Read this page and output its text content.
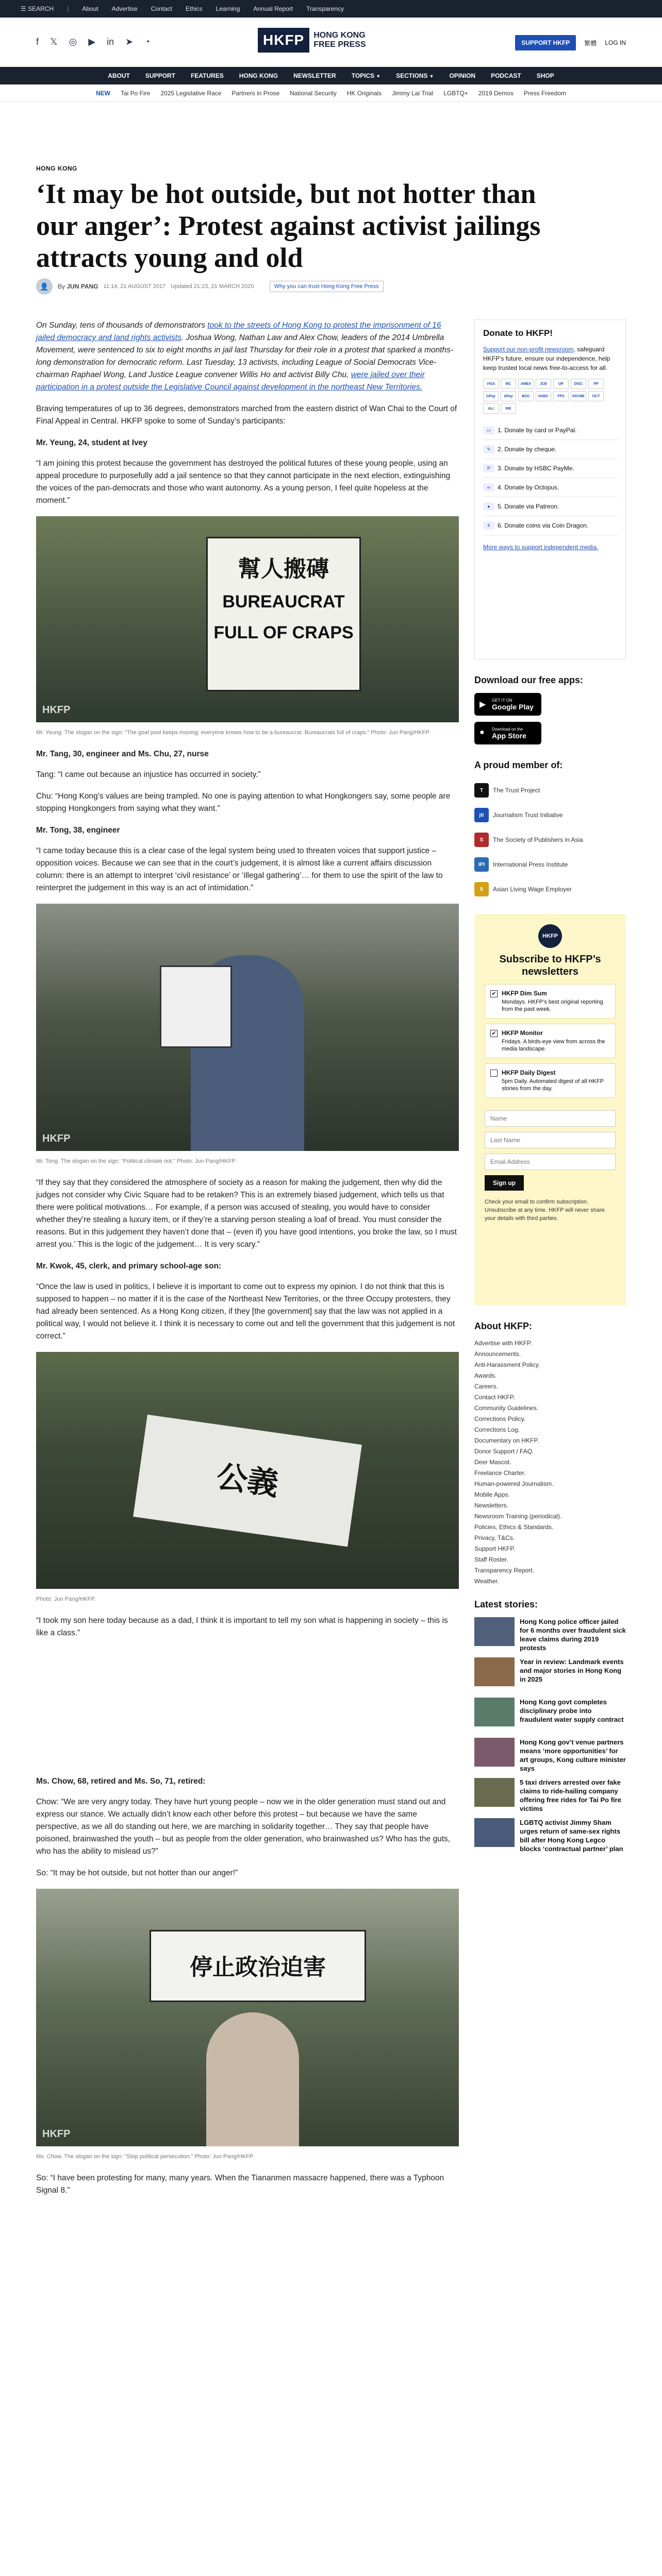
☰ SEARCH | About Advertise Contact Ethics Learning Annual Report Transparency
f 𝕏 ◎ ▶ in ➤ ◔	HKFP	HONG KONG
FREE PRESS	SUPPORT HKFP	繁體 LOG IN
ABOUT	SUPPORT	FEATURES	HONG KONG	NEWSLETTER	TOPICS ▼	SECTIONS ▼	OPINION	PODCAST	SHOP
NEW Tai Po Fire 2025 Legislative Race Partners in Prose National Security HK Originals Jimmy Lai Trial LGBTQ+ 2019 Demos Press Freedom
HONG KONG
‘It may be hot outside, but not hotter than our anger’: Protest against activist jailings attracts young and old
👤	By JUN PANG 11:14, 21 AUGUST 2017 Updated 21:23, 21 MARCH 2020	Why you can trust Hong Kong Free Press

On Sunday, tens of thousands of demonstrators took to the streets of Hong Kong to protest the imprisonment of 16 jailed democracy and land rights activists. Joshua Wong, Nathan Law and Alex Chow, leaders of the 2014 Umbrella Movement, were sentenced to six to eight months in jail last Thursday for their role in a protest that sparked a months-long demonstration for democratic reform. Last Tuesday, 13 activists, including League of Social Democrats Vice-chairman Raphael Wong, Land Justice League convener Willis Ho and activist Billy Chu, were jailed over their participation in a protest outside the Legislative Council against development in the northeast New Territories.

Braving temperatures of up to 36 degrees, demonstrators marched from the eastern district of Wan Chai to the Court of Final Appeal in Central. HKFP spoke to some of Sunday’s participants:

Mr. Yeung, 24, student at Ivey

“I am joining this protest because the government has destroyed the political futures of these young people, using an appeal procedure to purposefully add a jail sentence so that they cannot participate in the next election, extinguishing the voices of the pan-democrats and those who want autonomy. As a young person, I feel quite hopeless at the moment.”

幫人搬磚
BUREAUCRAT FULL OF CRAPS
HKFP

Mr. Yeung. The slogan on the sign: “The goal post keeps moving; everyone knows how to be a bureaucrat. Bureaucrats full of craps.” Photo: Jun Pang/HKFP.

Mr. Tang, 30, engineer and Ms. Chu, 27, nurse

Tang: “I came out because an injustice has occurred in society.”

Chu: “Hong Kong’s values are being trampled. No one is paying attention to what Hongkongers say, some people are stopping Hongkongers from saying what they want.”

Mr. Tong, 38, engineer

“I came today because this is a clear case of the legal system being used to threaten voices that support justice – opposition voices. Because we can see that in the court’s judgement, it is almost like a current affairs discussion column: there is an attempt to interpret ‘civil resistance’ or ‘illegal gathering’… for them to use the spirit of the law to reinterpret the judgement in this way is an act of intimidation.”

HKFP

Mr. Tong. The slogan on the sign: “Political climate riot.” Photo: Jun Pang/HKFP.

“If they say that they considered the atmosphere of society as a reason for making the judgement, then why did the judges not consider why Civic Square had to be retaken? This is an extremely biased judgement, which tells us that there were political motivations… For example, if a person was accused of stealing, you would have to consider whether they’re stealing a luxury item, or if they’re a starving person stealing a loaf of bread. You must consider the reasons. But in this judgement they haven’t done that – (even if) you have good intentions, you broke the law, so I must arrest you.’ This is the logic of the judgement… It is very scary.”

Mr. Kwok, 45, clerk, and primary school-age son:

“Once the law is used in politics, I believe it is important to come out to express my opinion. I do not think that this is supposed to happen – no matter if it is the case of the Northeast New Territories, or the three Occupy protesters, they had already been sentenced. As a Hong Kong citizen, if they [the government] say that the law was not applied in a political way, I would not believe it. I think it is necessary to come out and tell the government that this judgement is not correct.”

公義

Photo: Jun Pang/HKFP.

“I took my son here today because as a dad, I think it is important to tell my son what is happening in society – this is like a class.”

Ms. Chow, 68, retired and Ms. So, 71, retired:

Chow: “We are very angry today. They have hurt young people – now we in the older generation must stand out and express our stance. We actually didn’t know each other before this protest – but because we have the same perspective, as we all do standing out here, we are marching in solidarity together… They say that people have poisoned, brainwashed the youth – but as people from the older generation, who brainwashed us? Who has the guts, who has the ability to mislead us?”

So: “It may be hot outside, but not hotter than our anger!”

停止政治迫害
HKFP

Ms. Chow. The slogan on the sign: “Stop political persecution.” Photo: Jun Pang/HKFP.

So: “I have been protesting for many, many years. When the Tiananmen massacre happened, there was a Typhoon Signal 8.”

Donate to HKFP!

Support our non-profit newsroom, safeguard HKFP’s future, ensure our independence, help keep trusted local news free-to-access for all.

VISA	MC	AMEX	JCB	UP	DISC	PP
GPay	APay	BOC	HSBC	FPS	PAYME	OCT
ALI	WE
▭	1. Donate by card or PayPal.
✎	2. Donate by cheque.
P	3. Donate by HSBC PayMe.
∞	4. Donate by Octopus.
●	5. Donate via Patreon.
¢	6. Donate coins via Coin Dragon.
More ways to support independent media.
Download our free apps:
▶ GET IT ON
Google Play
● Download on the
App Store
A proud member of:
T	The Trust Project
jti	Journalism Trust Initiative
S	The Society of Publishers in Asia
IPI	International Press Institute
$	Asian Living Wage Employer
HKFP
Subscribe to HKFP’s newsletters
✔ HKFP Dim Sum
Mondays. HKFP’s best original reporting from the past week.
✔ HKFP Monitor
Fridays. A birds-eye view from across the media landscape.
HKFP Daily Digest
5pm Daily. Automated digest of all HKFP stories from the day.
Name Last Name Email Address Sign up

Check your email to confirm subscription. Unsubscribe at any time. HKFP will never share your details with third parties.

About HKFP:
Advertise with HKFP.
Announcements.
Anti-Harassment Policy.
Awards.
Careers.
Contact HKFP.
Community Guidelines.
Corrections Policy.
Corrections Log.
Documentary on HKFP.
Donor Support / FAQ.
Deer Mascot.
Freelance Charter.
Human-powered Journalism.
Mobile Apps.
Newsletters.
Newsroom Training (periodical).
Policies, Ethics & Standards.
Privacy, T&Cs.
Support HKFP.
Staff Roster.
Transparency Report.
Weather.
Latest stories:
Hong Kong police officer jailed for 6 months over fraudulent sick leave claims during 2019 protests
Year in review: Landmark events and major stories in Hong Kong in 2025
Hong Kong govt completes disciplinary probe into fraudulent water supply contract
Hong Kong gov’t venue partners means ‘more opportunities’ for art groups, Kong culture minister says
5 taxi drivers arrested over fake claims to ride-hailing company offering free rides for Tai Po fire victims
LGBTQ activist Jimmy Sham urges return of same-sex rights bill after Hong Kong Legco blocks ‘contractual partner’ plan
